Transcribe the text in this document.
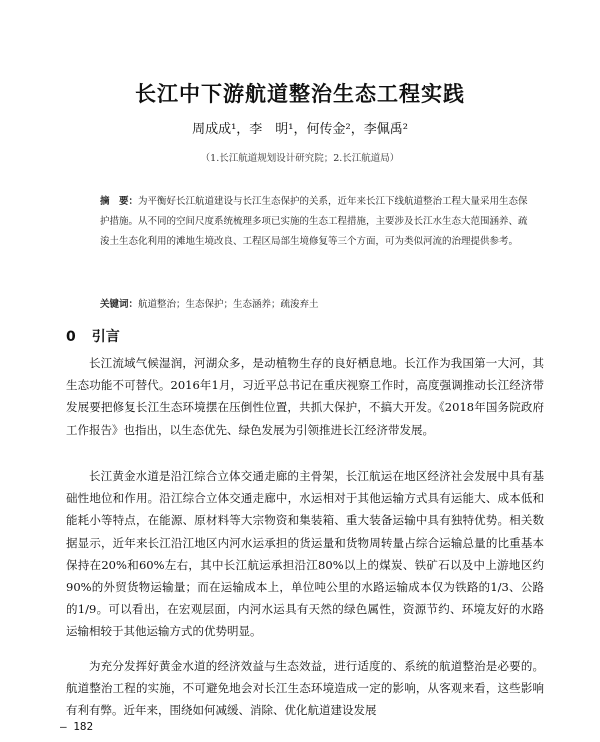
长江中下游航道整治生态工程实践
周成成¹，李　明¹，何传金²，李佩禹²
（1.长江航道规划设计研究院；2.长江航道局）
摘　要：为平衡好长江航道建设与长江生态保护的关系，近年来长江下线航道整治工程大量采用生态保护措施。从不同的空间尺度系统梳理多项已实施的生态工程措施，主要涉及长江水生态大范围涵养、疏浚土生态化利用的滩地生境改良、工程区局部生境修复等三个方面，可为类似河流的治理提供参考。
关键词：航道整治；生态保护；生态涵养；疏浚弃土
0 引言

长江流域气候湿润，河湖众多，是动植物生存的良好栖息地。长江作为我国第一大河，其生态功能不可替代。2016年1月，习近平总书记在重庆视察工作时，高度强调推动长江经济带发展要把修复长江生态环境摆在压倒性位置，共抓大保护，不搞大开发。《2018年国务院政府工作报告》也指出，以生态优先、绿色发展为引领推进长江经济带发展。

长江黄金水道是沿江综合立体交通走廊的主骨架，长江航运在地区经济社会发展中具有基础性地位和作用。沿江综合立体交通走廊中，水运相对于其他运输方式具有运能大、成本低和能耗小等特点，在能源、原材料等大宗物资和集装箱、重大装备运输中具有独特优势。相关数据显示，近年来长江沿江地区内河水运承担的货运量和货物周转量占综合运输总量的比重基本保持在20%和60%左右，其中长江航运承担沿江80%以上的煤炭、铁矿石以及中上游地区约90%的外贸货物运输量；而在运输成本上，单位吨公里的水路运输成本仅为铁路的1/3、公路的1/9。可以看出，在宏观层面，内河水运具有天然的绿色属性，资源节约、环境友好的水路运输相较于其他运输方式的优势明显。

为充分发挥好黄金水道的经济效益与生态效益，进行适度的、系统的航道整治是必要的。航道整治工程的实施，不可避免地会对长江生态环境造成一定的影响，从客观来看，这些影响有利有弊。近年来，围绕如何减缓、消除、优化航道建设发展

— 182
